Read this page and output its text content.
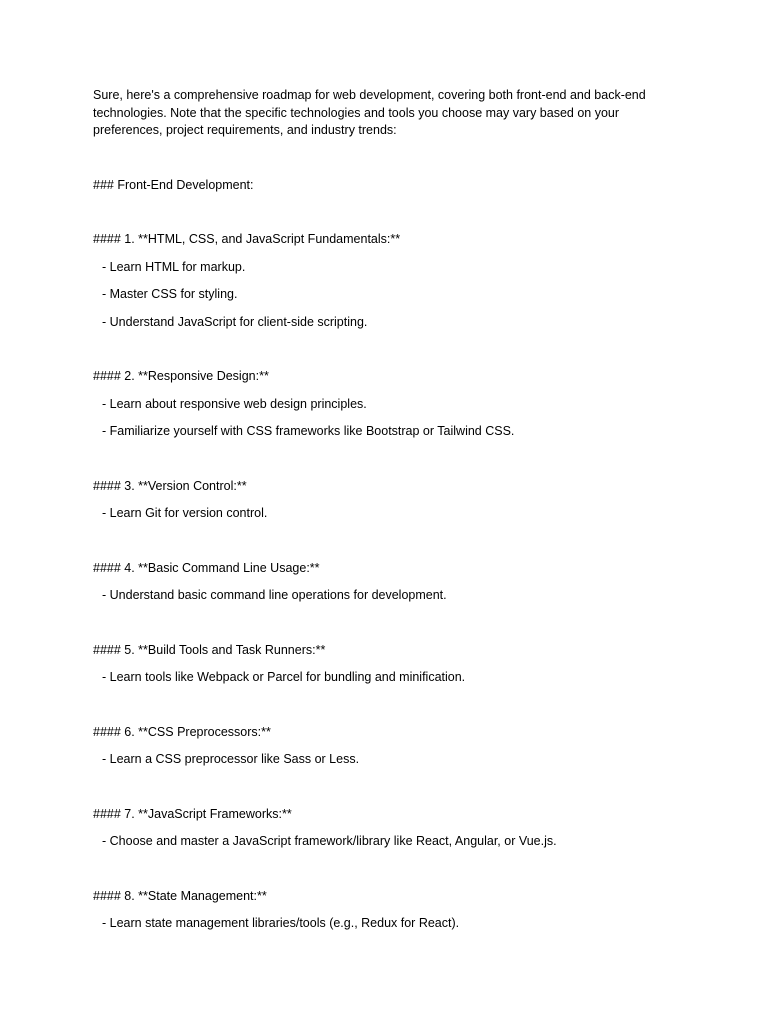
Sure, here's a comprehensive roadmap for web development, covering both front-end and back-end technologies. Note that the specific technologies and tools you choose may vary based on your preferences, project requirements, and industry trends:

### Front-End Development:

#### 1. **HTML, CSS, and JavaScript Fundamentals:**

- Learn HTML for markup.

- Master CSS for styling.

- Understand JavaScript for client-side scripting.

#### 2. **Responsive Design:**

- Learn about responsive web design principles.

- Familiarize yourself with CSS frameworks like Bootstrap or Tailwind CSS.

#### 3. **Version Control:**

- Learn Git for version control.

#### 4. **Basic Command Line Usage:**

- Understand basic command line operations for development.

#### 5. **Build Tools and Task Runners:**

- Learn tools like Webpack or Parcel for bundling and minification.

#### 6. **CSS Preprocessors:**

- Learn a CSS preprocessor like Sass or Less.

#### 7. **JavaScript Frameworks:**

- Choose and master a JavaScript framework/library like React, Angular, or Vue.js.

#### 8. **State Management:**

- Learn state management libraries/tools (e.g., Redux for React).
